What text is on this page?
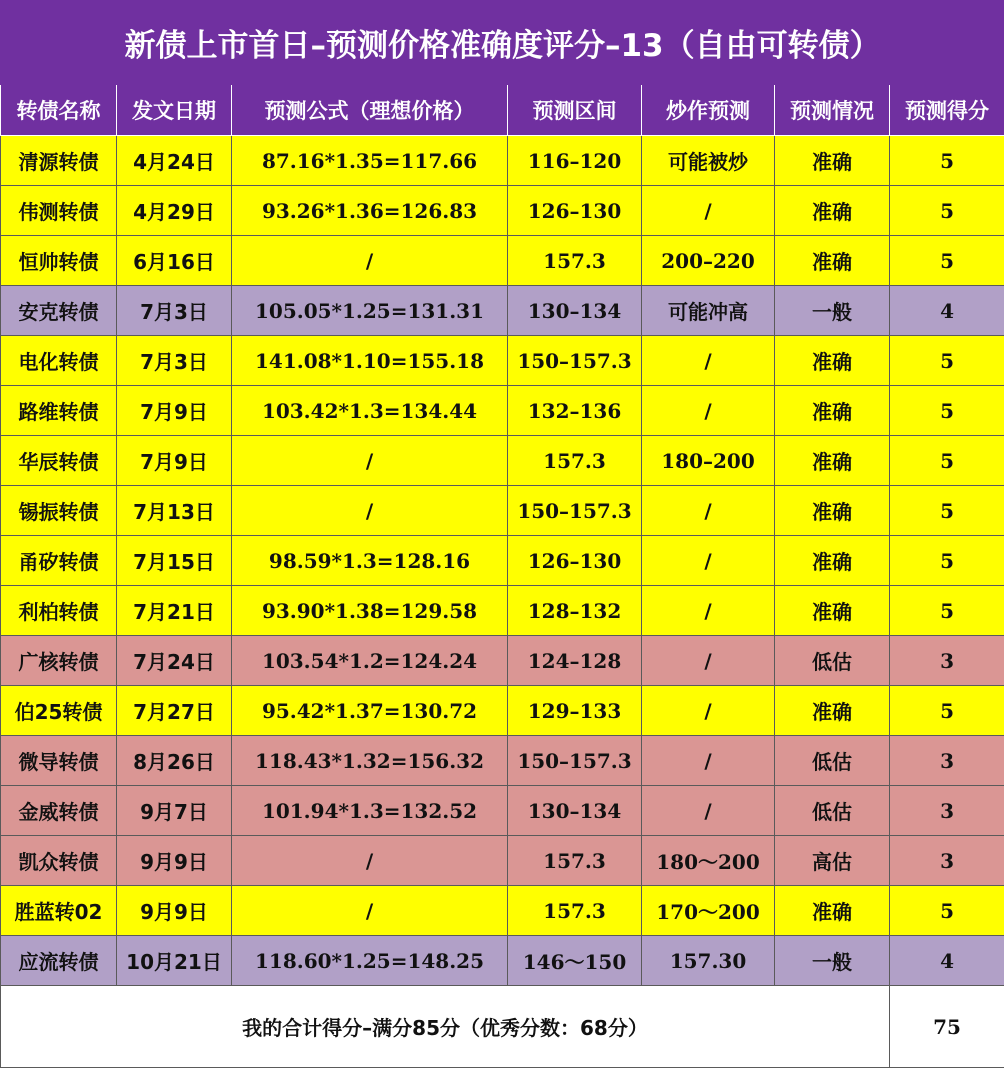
新债上市首日–预测价格准确度评分–13（自由可转债）						
转债名称	发文日期	预测公式（理想价格）	预测区间	炒作预测	预测情况	预测得分
清源转债	4月24日	87.16*1.35=117.66	116–120	可能被炒	准确	5
伟测转债	4月29日	93.26*1.36=126.83	126–130	/	准确	5
恒帅转债	6月16日	/	157.3	200–220	准确	5
安克转债	7月3日	105.05*1.25=131.31	130–134	可能冲高	一般	4
电化转债	7月3日	141.08*1.10=155.18	150–157.3	/	准确	5
路维转债	7月9日	103.42*1.3=134.44	132–136	/	准确	5
华辰转债	7月9日	/	157.3	180–200	准确	5
锡振转债	7月13日	/	150–157.3	/	准确	5
甬矽转债	7月15日	98.59*1.3=128.16	126–130	/	准确	5
利柏转债	7月21日	93.90*1.38=129.58	128–132	/	准确	5
广核转债	7月24日	103.54*1.2=124.24	124–128	/	低估	3
伯25转债	7月27日	95.42*1.37=130.72	129–133	/	准确	5
微导转债	8月26日	118.43*1.32=156.32	150–157.3	/	低估	3
金威转债	9月7日	101.94*1.3=132.52	130–134	/	低估	3
凯众转债	9月9日	/	157.3	180～200	高估	3
胜蓝转02	9月9日	/	157.3	170～200	准确	5
应流转债	10月21日	118.60*1.25=148.25	146～150	157.30	一般	4
我的合计得分–满分85分（优秀分数：68分）						75
